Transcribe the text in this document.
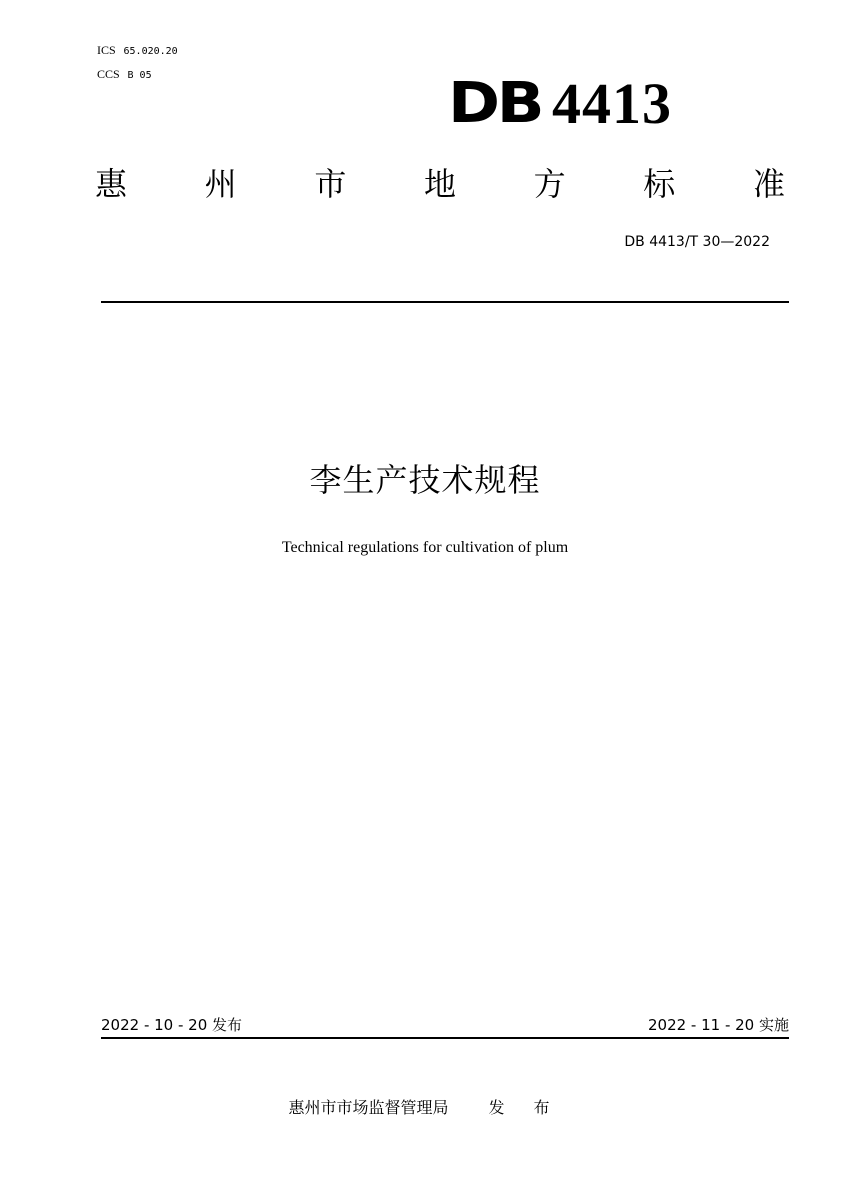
ICS 65.020.20
CCS B 05	DB 4413
惠 州 市 地 方 标 准
DB 4413/T 30—2022
李生产技术规程
Technical regulations for cultivation of plum
2022 - 10 - 20 发布	2022 - 11 - 20 实施
惠州市市场监督管理局	发 布
